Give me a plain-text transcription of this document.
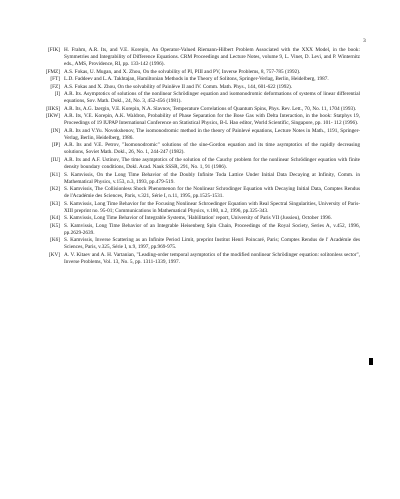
3
[FIK] H. Frahm, A.R. Its, and V.E. Korepin, An Operator-Valued Riemann-Hilbert Problem Associated with the XXX Model, in the book: Symmetries and Integrability of Difference Equations. CRM Proceedings and Lecture Notes, volume 9, L. Vinet, D. Levi, and P. Winternitz eds., AMS, Providence, RI, pp. 133-142 (1996).
[FMZ] A.S. Fokas, U. Mugan, and X. Zhou, On the solvability of PI, PIII and PV, Inverse Problems, 8, 757-785 (1992).
[FT] L.D. Faddeev and L.A. Takhtajan, Hamiltonian Methods in the Theory of Solitons, Springer-Verlag, Berlin, Heidelberg, 1987.
[FZ] A.S. Fokas and X. Zhou, On the solvability of Painlève II and IV. Comm. Math. Phys., 144, 601-622 (1992).
[I] A.R. Its. Asymptotics of solutions of the nonlinear Schrödinger equation and isomonodromic deformations of systems of linear differential equations, Sov. Math. Dokl., 24, No. 3, 452-456 (1981).
[IIKS] A.R. Its, A.G. Izergin, V.E. Korepin, N.A. Slavnov, Temperature Correlations of Quantum Spins, Phys. Rev. Lett., 70, No. 11, 1704 (1993).
[IKW] A.R. Its, V.E. Korepin, A.K. Waldron, Probability of Phase Separation for the Bose Gas with Delta Interaction, in the book: Statphys 19, Proceedings of 19 IUPAP International Conference on Statistical Physics, B-L Hao editor, World Scientific, Singapore, pp. 101- 112 (1996).
[IN] A.R. Its and V.Yu. Novokshenov, The isomonodromic method in the theory of Painlevé equations, Lecture Notes in Math., 1191, Springer-Verlag, Berlin, Heidelberg, 1986.
[IP] A.R. Its and V.E. Petrov, "Isomonodromic" solutions of the sine-Gordon equation and its time asymptotics of the rapidly decreasing solutions, Soviet Math. Dokl., 26, No. 1, 244-247 (1982).
[IU] A.R. Its and A.F. Ustinov, The time asymptotics of the solution of the Cauchy problem for the nonlinear Schrödinger equation with finite density boundary conditions, Dokl. Acad. Nauk SSSR, 291, No. 1, 91 (1986).
[K1] S. Kamvissis, On the Long Time Behavior of the Doubly Infinite Toda Lattice Under Initial Data Decaying at Infinity, Comm. in Mathematical Physics, v.153, n.3, 1993, pp.479-519.
[K2] S. Kamvissis, The Collisionless Shock Phenomenon for the Nonlinear Schrodinger Equation with Decaying Initial Data, Comptes Rendus de l'Académie des Sciences, Paris, v.321, Série I, n.11, 1995, pp.1525-1531.
[K3] S. Kamvissis, Long Time Behavior for the Focusing Nonlinear Schroedinger Equation with Real Spectral Singularities, University of Paris-XIII preprint no. 95-01; Communications in Mathematical Physics, v.180, n.2, 1996, pp.325-343.
[K4] S. Kamvissis, Long Time Behavior of Integrable Systems, 'Habilitation' report, University of Paris VII (Jussieu), October 1996.
[K5] S. Kamvissis, Long Time Behavior of an Integrable Heisenberg Spin Chain, Proceedings of the Royal Society, Series A, v.452, 1996, pp.2629-2639.
[K6] S. Kamvissis, Inverse Scattering as an Infinite Period Limit, preprint Institut Henri Poincaré, Paris; Comptes Rendus de l' Académie des Sciences, Paris, v.325, Série I, n.9, 1997, pp.969-975.
[KV] A. V. Kitaev and A. H. Vartanian, "Leading-order temporal asymptotics of the modified nonlinear Schrödinger equation: solitonless sector", Inverse Problems, Vol. 13, No. 5, pp. 1311-1339, 1997.
